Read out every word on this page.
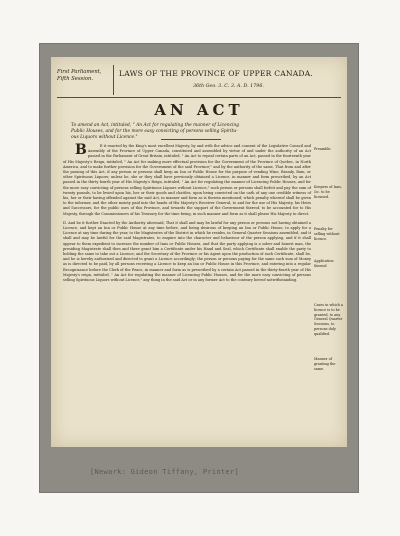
First Parliament,
Fifth Session.
LAWS OF THE PROVINCE OF UPPER CANADA.
36th Geo. 3. C. 3. A. D. 1796.
AN ACT
To amend an Act, intituled, " An Act for regulating the manner of Licencing
Public Houses, and for the more easy convicting of persons selling Spiritu-
ous Liquors without Licence."

B	E it enacted by the King's most excellent Majesty, by and with the advice and consent of the Legislative Council and Assembly of the Province of Upper Canada, constituted and assembled by virtue of and under the authority of an Act passed in the Parliament of Great Britain, intituled, " An Act to repeal certain parts of an Act, passed in the fourteenth year of His Majesty's Reign, intituled, " An Act for making more effectual provision for the Government of the Province of Quebec, in North America, and to make further provision for the Government of the said Province;" and by the authority of the same, That from and after the passing of this Act, if any person or persons shall keep an Inn or Public House for the purpose of vending Wine, Brandy, Rum, or other Spirituous Liquors; unless he, she or they shall have previously obtained a Licence, in manner and form prescribed, by an Act passed in the thirty fourth year of His Majesty's Reign, intituled, " An Act for regulating the manner of Licencing Public Houses, and for the more easy convicting of persons selling Spirituous Liquors without Licence," such person or persons shall forfeit and pay the sum of twenty pounds, to be levied upon his, her or their goods and chattles, upon being convicted on the oath of any one credible witness of his, her or their having offended against the said Act, in manner and form as is therein mentioned; which penalty whereof shall be given to the informer, and the other moiety paid into the hands of His Majesty's Receiver General, to and for the use of His Majesty, his Heirs and Successors, for the public uses of this Province, and towards the support of the Government thereof, to be accounted for to His Majesty, through the Commissioners of his Treasury for the time being, in such manner and form as it shall please His Majesty to direct.

II. And be it further Enacted by the Authority aforesaid, That it shall and may be lawful for any person or persons not having obtained a Licence, and kept an Inn or Public House at any time before, and being desirous of keeping an Inn or Public House, to apply for a Licence at any time during the year, to the Magistrates of the District in which he resides, in General Quarter Sessions assembled, and it shall and may be lawful for the said Magistrates, to enquire into the character and behaviour of the person applying, and if it shall appear to them expedient to increase the number of Inns or Public Houses, and that the party applying is a sober and honest man, the presiding Magistrate shall then and there grant him a Certificate under his Hand and Seal, which Certificate shall enable the party to holding the same to take out a Licence; and the Secretary of the Province or his Agent upon the production of such Certificate, shall be, and he is hereby authorized and directed to grant a Licence accordingly; the person or persons paying for the same such sum of Money as is directed to be paid, by all persons receiving a Licence to keep an Inn or Public House in this Province, and entering into a regular Recognizance before the Clerk of the Peace, in manner and form as is prescribed by a certain Act passed in the thirty-fourth year of His Majesty's reign, intituled, " An Act for regulating the manner of Licencing Public Houses, and for the more easy convicting of persons selling Spirituous Liquors without Licence," any thing in the said Act or in any former Act to the contrary hereof notwithstanding.

Preamble.
Keepers of Inns, &c. to be licensed.
Penalty for selling without licence.
Application thereof.
Cases in which a licence is to be granted, to any General Quarter Sessions, to persons duly qualified.
Manner of granting the same.
[Newark: Gideon Tiffany, Printer]
